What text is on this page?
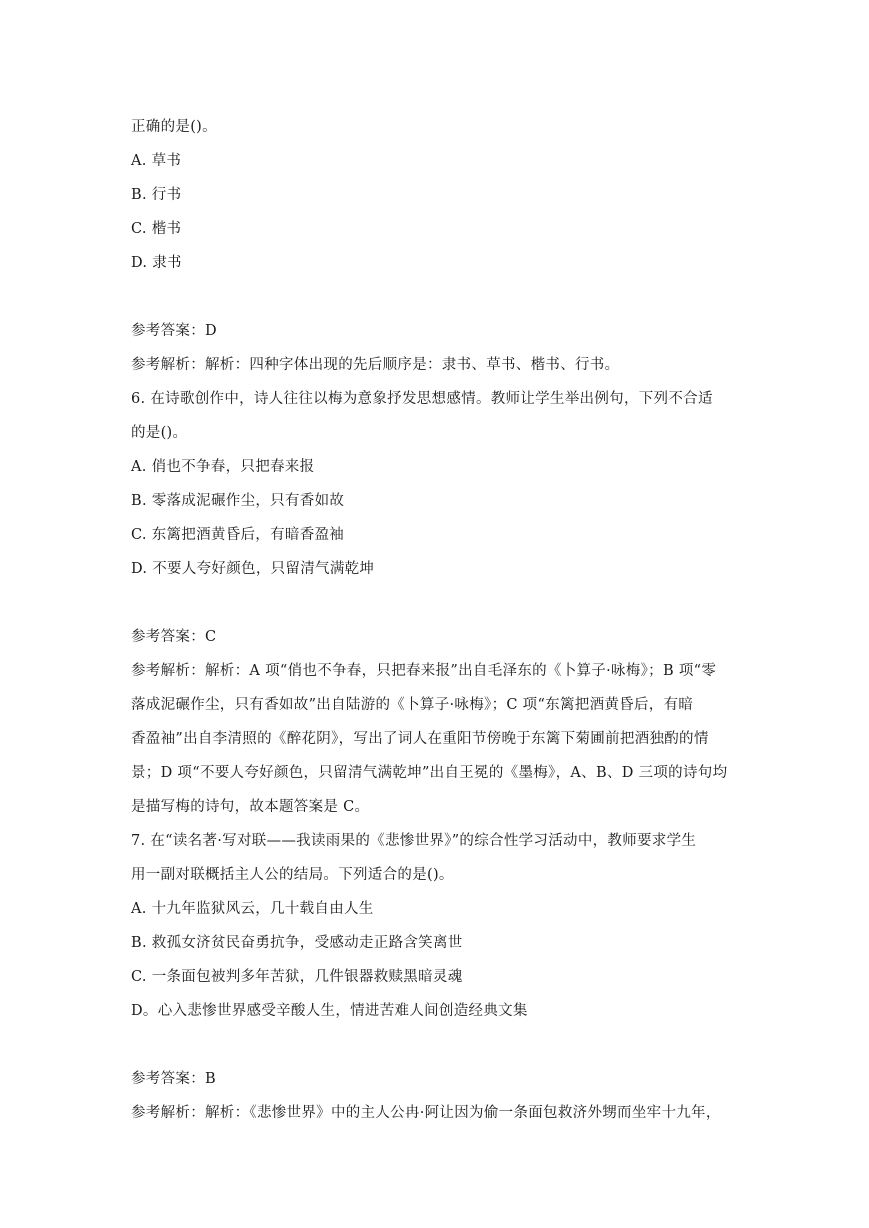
正确的是()。
A. 草书
B. 行书
C. 楷书
D. 隶书
参考答案：D
参考解析：解析：四种字体出现的先后顺序是：隶书、草书、楷书、行书。
6. 在诗歌创作中，诗人往往以梅为意象抒发思想感情。教师让学生举出例句，下列不合适
的是()。
A. 俏也不争春，只把春来报
B. 零落成泥碾作尘，只有香如故
C. 东篱把酒黄昏后，有暗香盈袖
D. 不要人夸好颜色，只留清气满乾坤
参考答案：C
参考解析：解析：A 项“俏也不争春，只把春来报”出自毛泽东的《卜算子·咏梅》；B 项“零
落成泥碾作尘，只有香如故”出自陆游的《卜算子·咏梅》；C 项“东篱把酒黄昏后，有暗
香盈袖”出自李清照的《醉花阴》，写出了词人在重阳节傍晚于东篱下菊圃前把酒独酌的情
景；D 项“不要人夸好颜色，只留清气满乾坤”出自王冕的《墨梅》，A、B、D 三项的诗句均
是描写梅的诗句，故本题答案是 C。
7. 在“读名著·写对联——我读雨果的《悲惨世界》”的综合性学习活动中，教师要求学生
用一副对联概括主人公的结局。下列适合的是()。
A. 十九年监狱风云，几十载自由人生
B. 救孤女济贫民奋勇抗争，受感动走正路含笑离世
C. 一条面包被判多年苦狱，几件银器救赎黑暗灵魂
D。心入悲惨世界感受辛酸人生，情进苦难人间创造经典文集
参考答案：B
参考解析：解析：《悲惨世界》中的主人公冉·阿让因为偷一条面包救济外甥而坐牢十九年，
